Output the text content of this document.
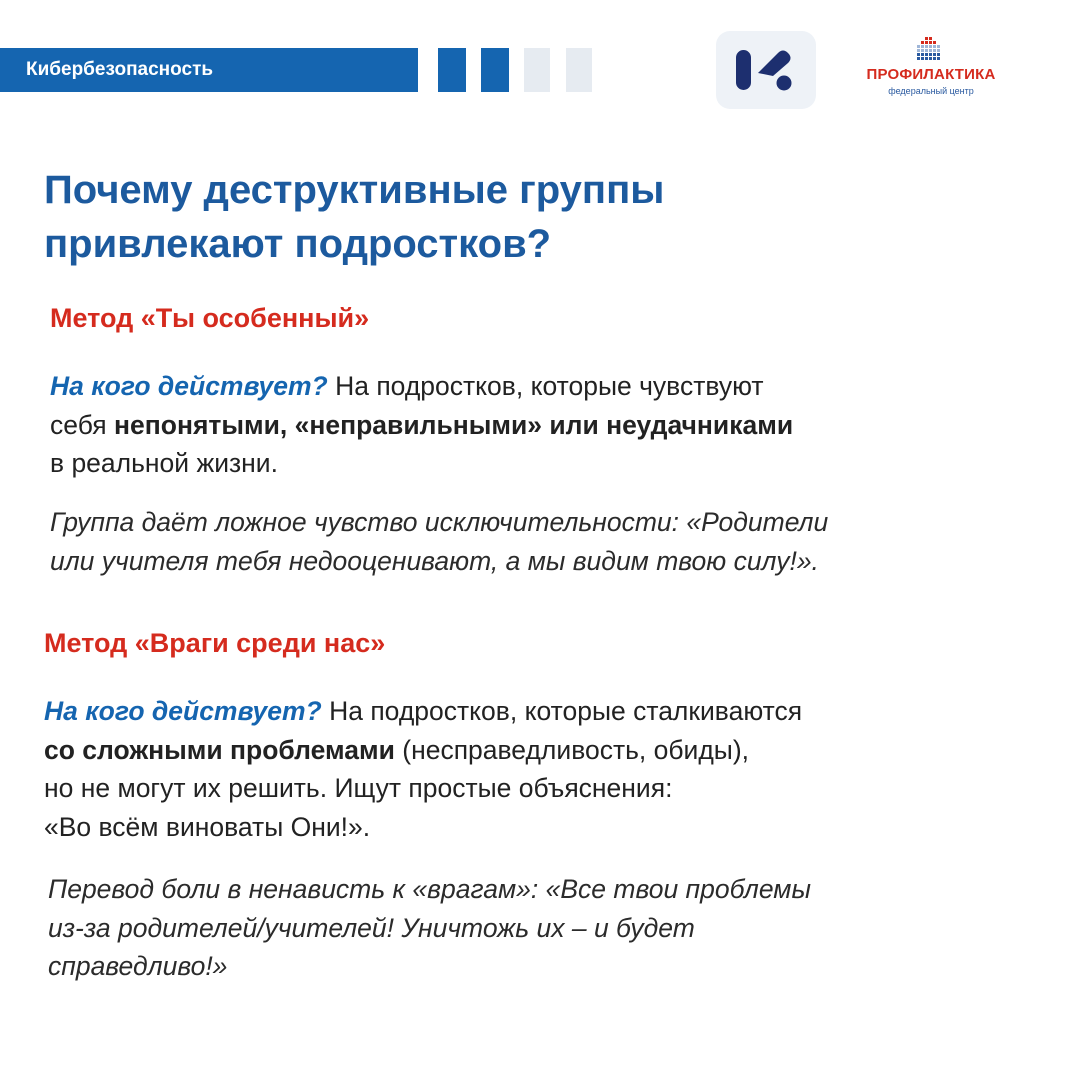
Кибербезопасность	ПРОФИЛАКТИКА
федеральный центр
Почему деструктивные группы
привлекают подростков?
Метод «Ты особенный»

На кого действует? На подростков, которые чувствуют
себя непонятыми, «неправильными» или неудачниками
в реальной жизни.

Группа даёт ложное чувство исключительности: «Родители
или учителя тебя недооценивают, а мы видим твою силу!».

Метод «Враги среди нас»

На кого действует? На подростков, которые сталкиваются
со сложными проблемами (несправедливость, обиды),
но не могут их решить. Ищут простые объяснения:
«Во всём виноваты Они!».

Перевод боли в ненависть к «врагам»: «Все твои проблемы
из-за родителей/учителей! Уничтожь их – и будет
справедливо!»
